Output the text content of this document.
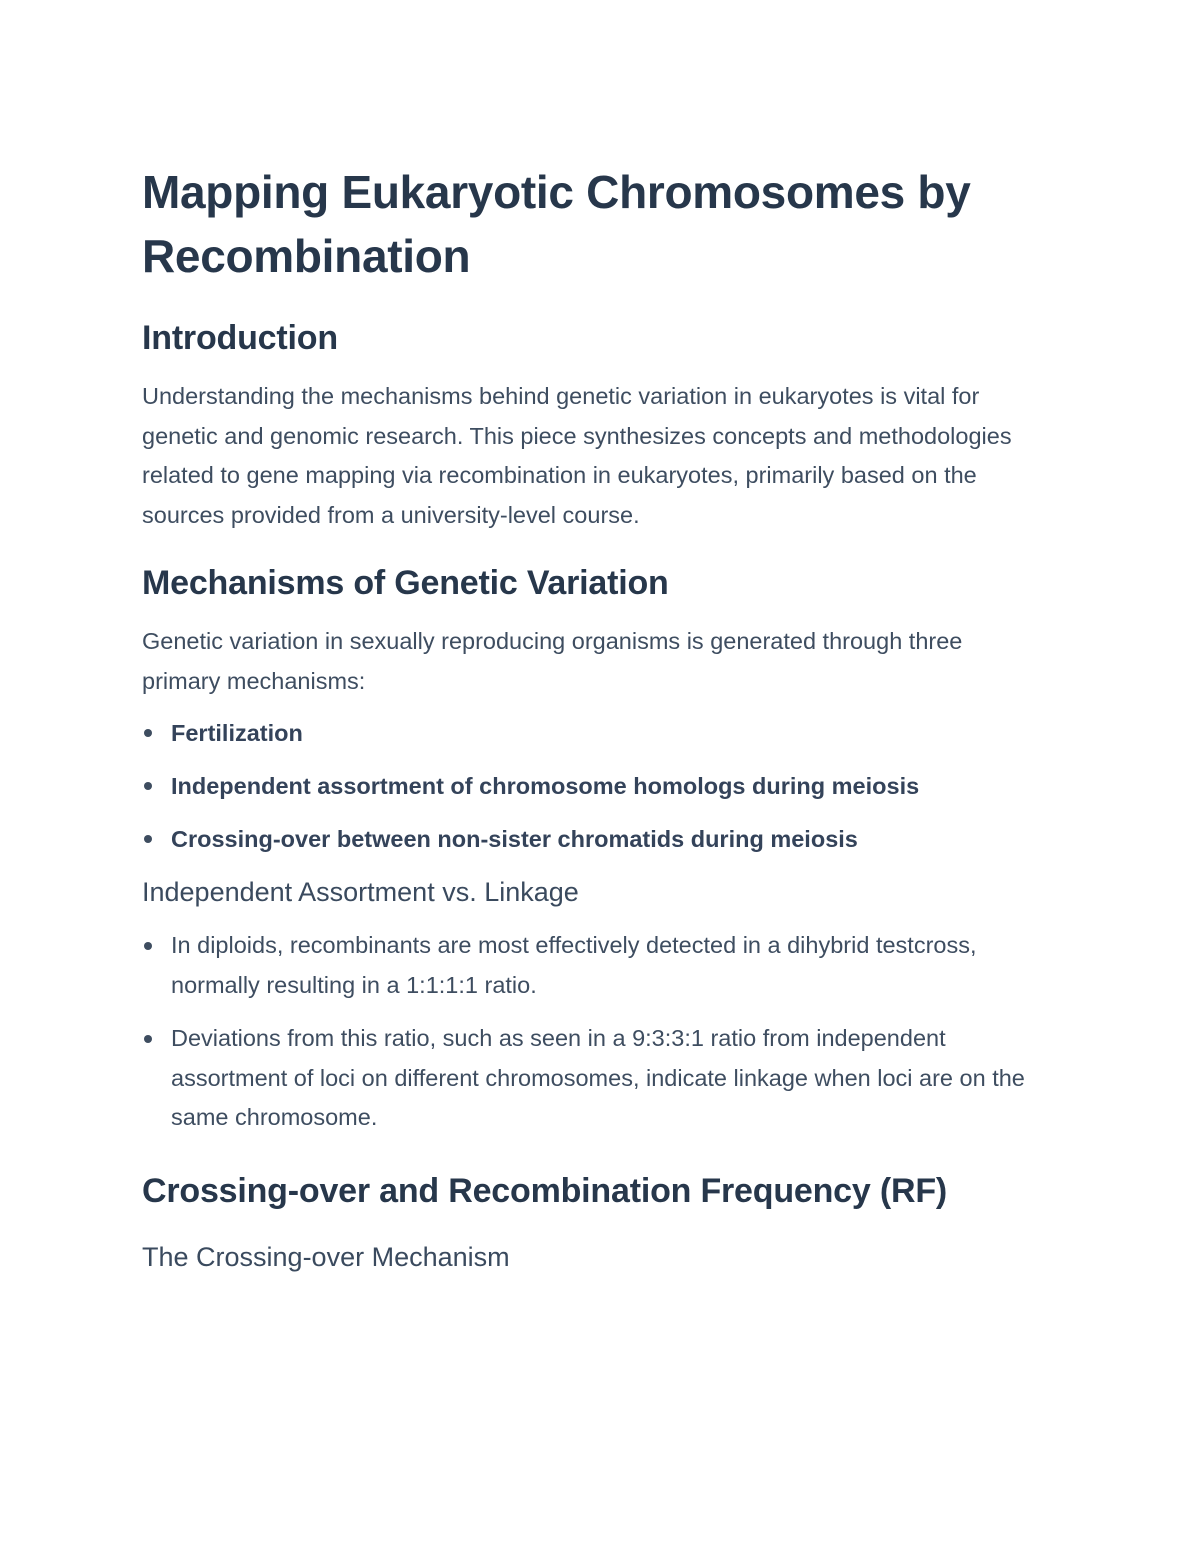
Mapping Eukaryotic Chromosomes by Recombination
Introduction

Understanding the mechanisms behind genetic variation in eukaryotes is vital for genetic and genomic research. This piece synthesizes concepts and methodologies related to gene mapping via recombination in eukaryotes, primarily based on the sources provided from a university-level course.

Mechanisms of Genetic Variation

Genetic variation in sexually reproducing organisms is generated through three primary mechanisms:

Fertilization
Independent assortment of chromosome homologs during meiosis
Crossing-over between non-sister chromatids during meiosis
Independent Assortment vs. Linkage
In diploids, recombinants are most effectively detected in a dihybrid testcross, normally resulting in a 1:1:1:1 ratio.
Deviations from this ratio, such as seen in a 9:3:3:1 ratio from independent assortment of loci on different chromosomes, indicate linkage when loci are on the same chromosome.
Crossing-over and Recombination Frequency (RF)
The Crossing-over Mechanism
